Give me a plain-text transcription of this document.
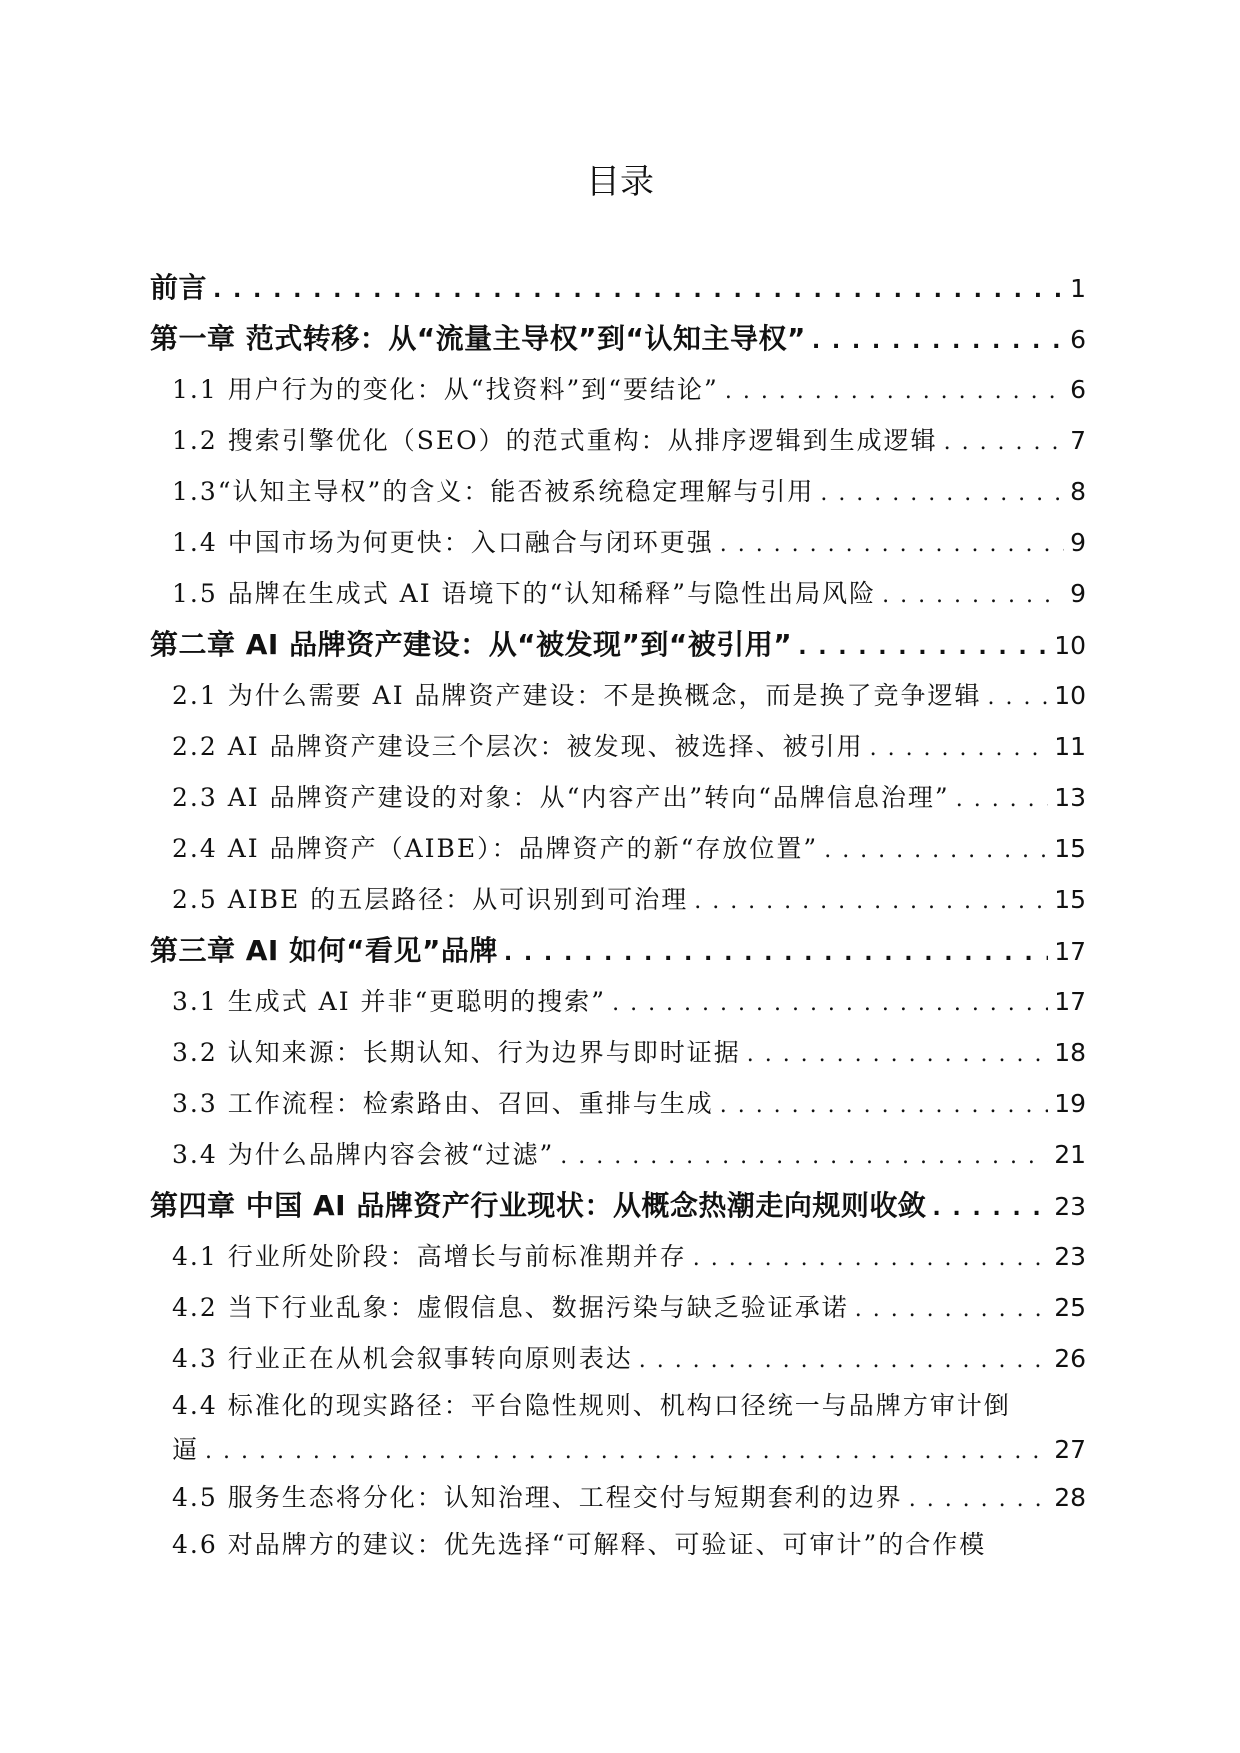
目录
前言 . . .	1
第一章 范式转移：从“流量主导权”到“认知主导权” . . .	6
1.1 用户行为的变化：从“找资料”到“要结论” . . .	6
1.2 搜索引擎优化（SEO）的范式重构：从排序逻辑到生成逻辑 . . .	7
1.3“认知主导权”的含义：能否被系统稳定理解与引用 . . .	8
1.4 中国市场为何更快：入口融合与闭环更强 . . .	9
1.5 品牌在生成式 AI 语境下的“认知稀释”与隐性出局风险 . . .	9
第二章 AI 品牌资产建设：从“被发现”到“被引用” . . .	10
2.1 为什么需要 AI 品牌资产建设：不是换概念，而是换了竞争逻辑 . . .	10
2.2 AI 品牌资产建设三个层次：被发现、被选择、被引用 . . .	11
2.3 AI 品牌资产建设的对象：从“内容产出”转向“品牌信息治理” . . .	13
2.4 AI 品牌资产（AIBE）：品牌资产的新“存放位置” . . .	15
2.5 AIBE 的五层路径：从可识别到可治理 . . .	15
第三章 AI 如何“看见”品牌 . . .	17
3.1 生成式 AI 并非“更聪明的搜索” . . .	17
3.2 认知来源：长期认知、行为边界与即时证据 . . .	18
3.3 工作流程：检索路由、召回、重排与生成 . . .	19
3.4 为什么品牌内容会被“过滤” . . .	21
第四章 中国 AI 品牌资产行业现状：从概念热潮走向规则收敛 . . .	23
4.1 行业所处阶段：高增长与前标准期并存 . . .	23
4.2 当下行业乱象：虚假信息、数据污染与缺乏验证承诺 . . .	25
4.3 行业正在从机会叙事转向原则表达 . . .	26
4.4 标准化的现实路径：平台隐性规则、机构口径统一与品牌方审计倒
逼 . . .	27
4.5 服务生态将分化：认知治理、工程交付与短期套利的边界 . . .	28
4.6 对品牌方的建议：优先选择“可解释、可验证、可审计”的合作模
